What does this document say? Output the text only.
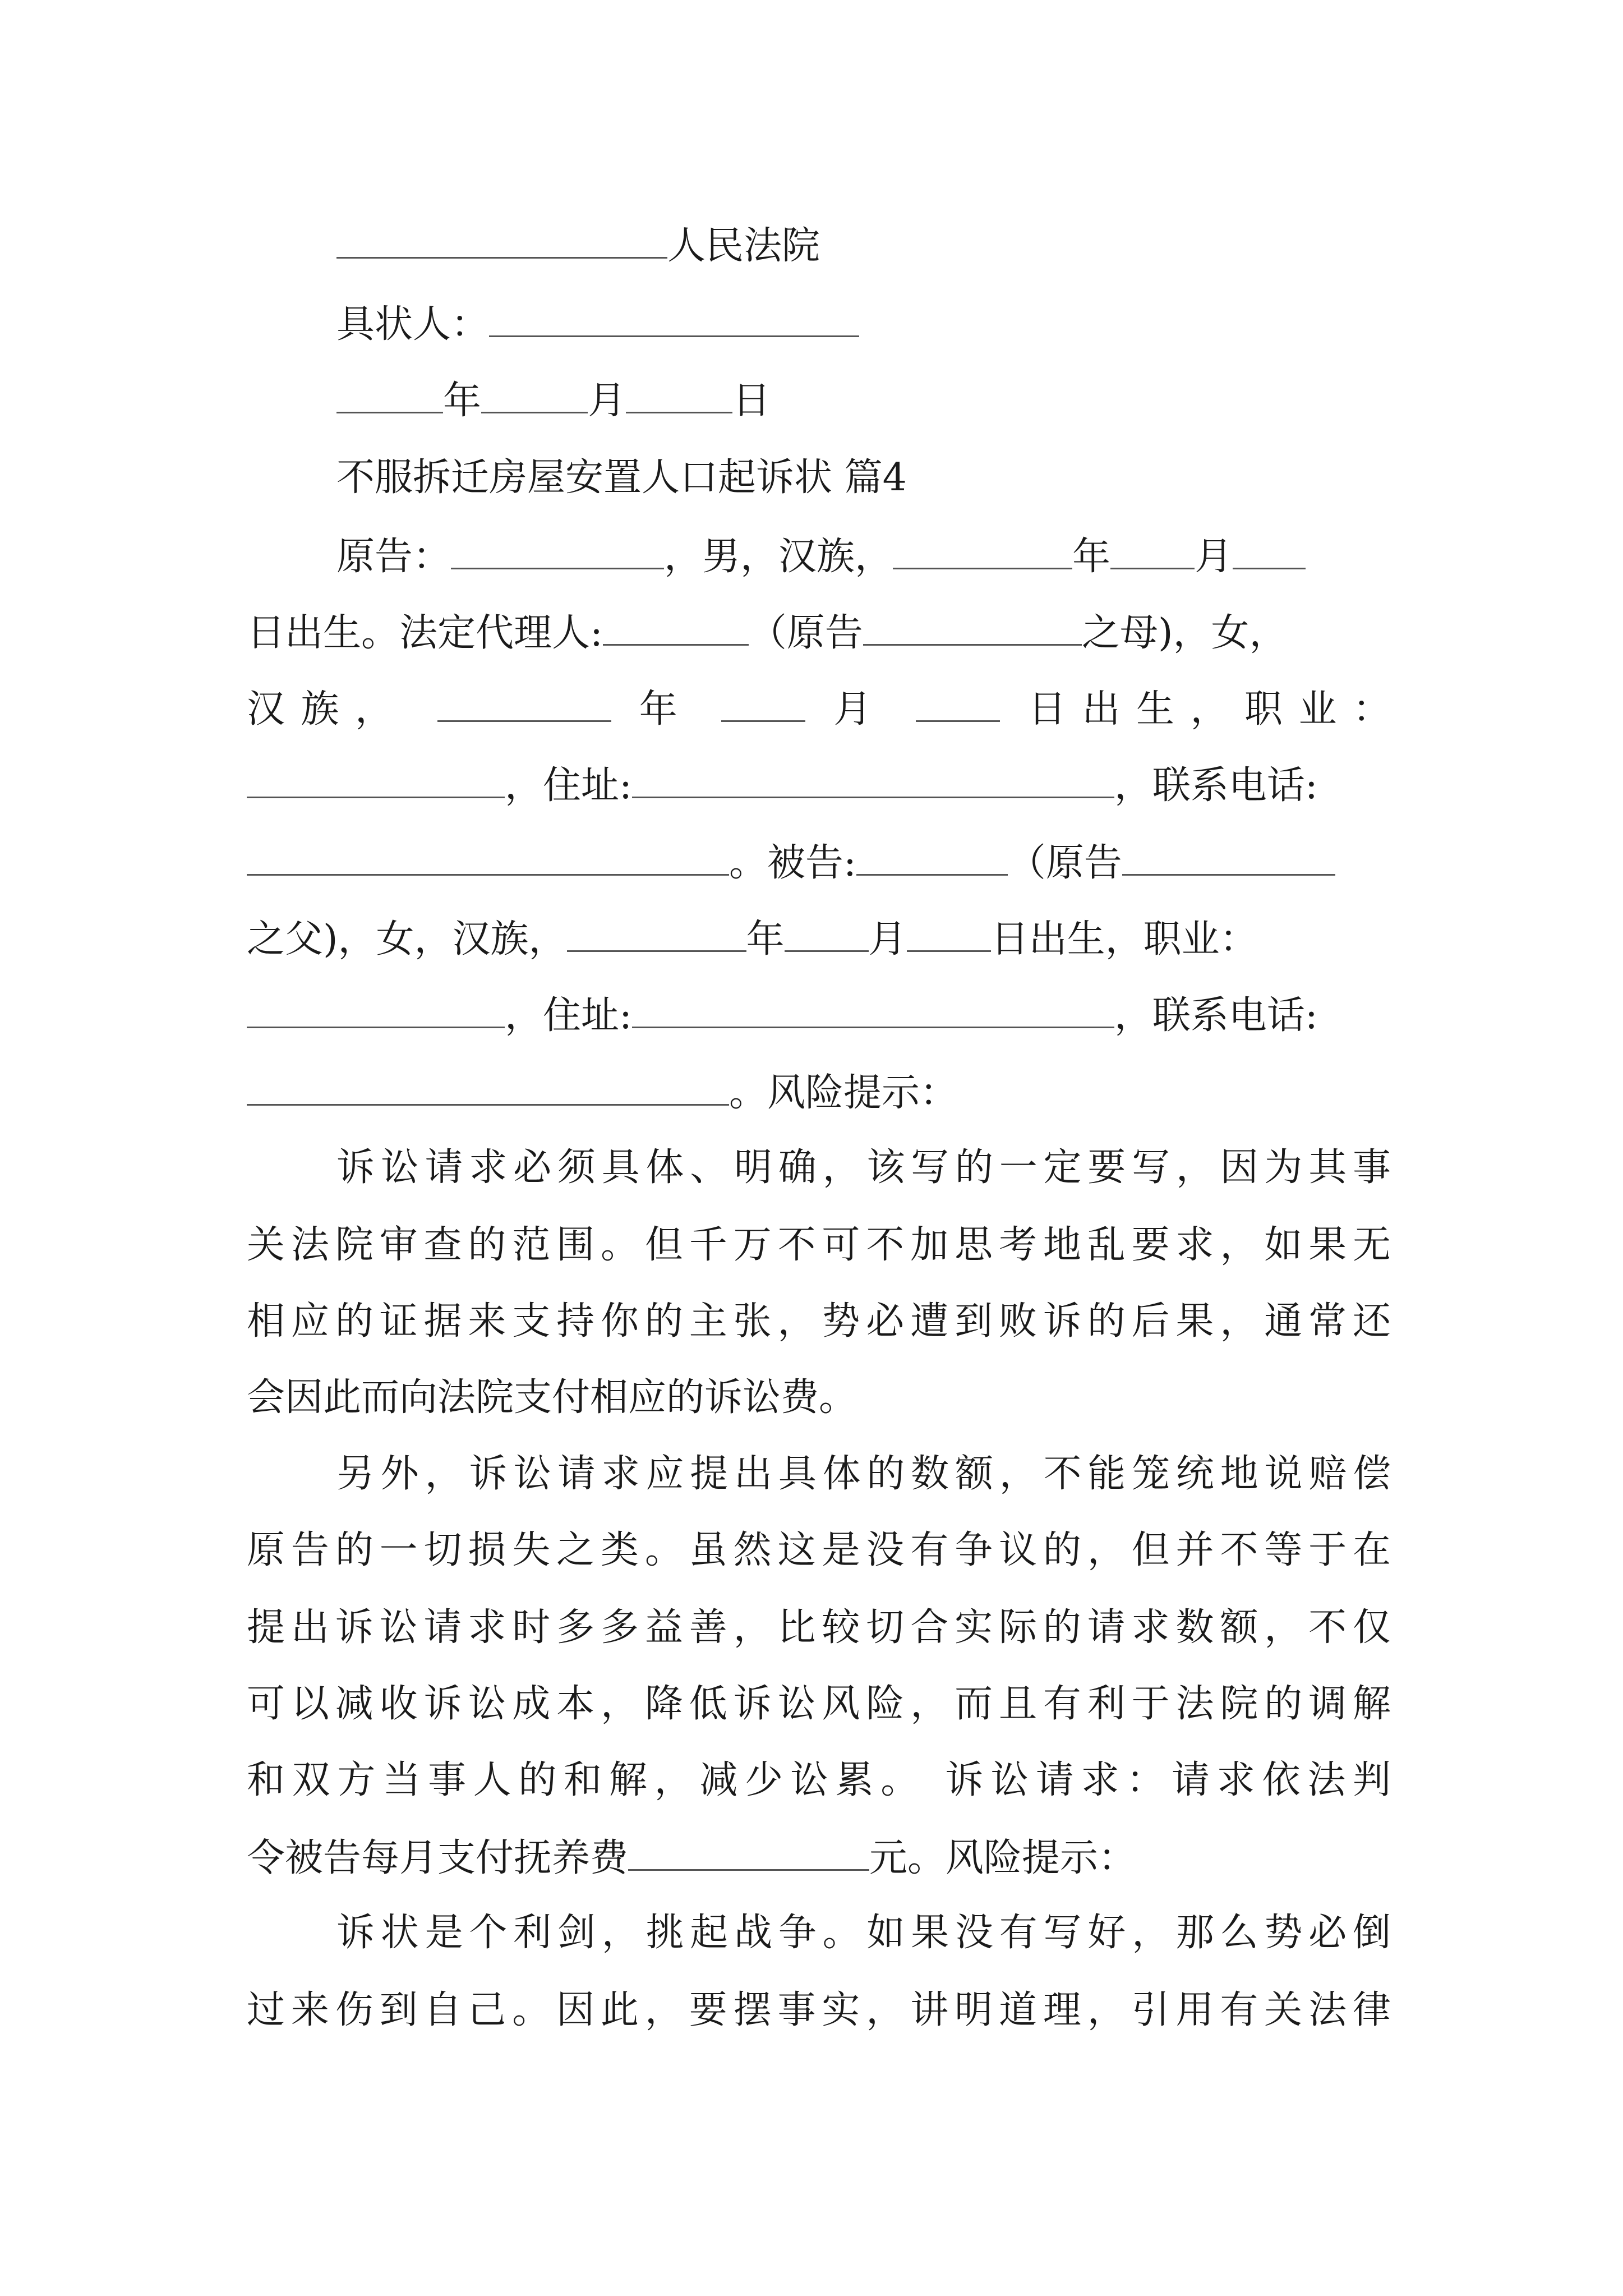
人民法院
具状人：
年	月	日
不服拆迁房屋安置人口起诉状 篇4
原告：	，男，汉族，	年 月
日出生。法定代理人:	（原告	之母)，女，
汉族，	年	月	日出生，职业：
，住址:	，联系电话:
。被告:	（原告
之父)，女，汉族，	年 月 日出生，职业：
，住址:	，联系电话:
。风险提示：
诉讼请求必须具体、明确，该写的一定要写，因为其事
关法院审查的范围。但千万不可不加思考地乱要求，如果无
相应的证据来支持你的主张，势必遭到败诉的后果，通常还
会因此而向法院支付相应的诉讼费。
另外，诉讼请求应提出具体的数额，不能笼统地说赔偿
原告的一切损失之类。虽然这是没有争议的，但并不等于在
提出诉讼请求时多多益善，比较切合实际的请求数额，不仅
可以减收诉讼成本，降低诉讼风险，而且有利于法院的调解
和双方当事人的和解，减少讼累。 诉讼请求：请求依法判
令被告每月支付抚养费	元。风险提示：
诉状是个利剑，挑起战争。如果没有写好，那么势必倒
过来伤到自己。因此，要摆事实，讲明道理，引用有关法律
